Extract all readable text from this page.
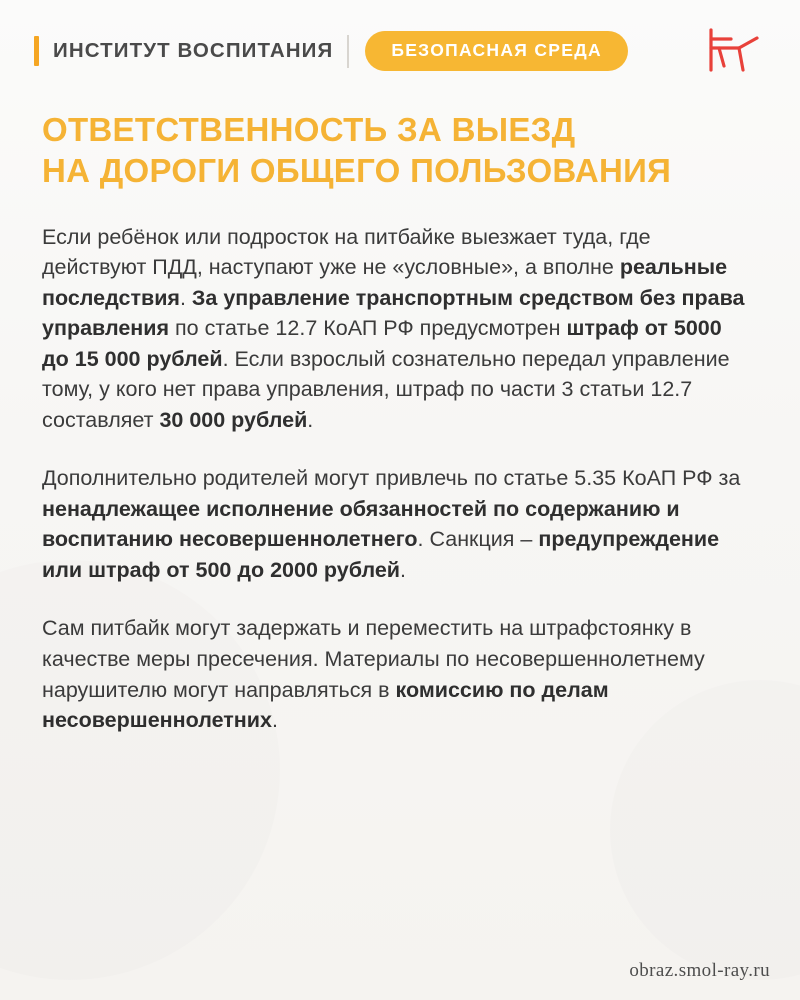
ИНСТИТУТ ВОСПИТАНИЯ	БЕЗОПАСНАЯ СРЕДА
ОТВЕТСТВЕННОСТЬ ЗА ВЫЕЗД
НА ДОРОГИ ОБЩЕГО ПОЛЬЗОВАНИЯ

Если ребёнок или подросток на питбайке выезжает туда, где действуют ПДД, наступают уже не «условные», а вполне реальные последствия. За управление транспортным средством без права управления по статье 12.7 КоАП РФ предусмотрен штраф от 5000 до 15 000 рублей. Если взрослый сознательно передал управление тому, у кого нет права управления, штраф по части 3 статьи 12.7 составляет 30 000 рублей.

Дополнительно родителей могут привлечь по статье 5.35 КоАП РФ за ненадлежащее исполнение обязанностей по содержанию и воспитанию несовершеннолетнего. Санкция – предупреждение или штраф от 500 до 2000 рублей.

Сам питбайк могут задержать и переместить на штрафстоянку в качестве меры пресечения. Материалы по несовершеннолетнему нарушителю могут направляться в комиссию по делам несовершеннолетних.

obraz.smol-ray.ru
